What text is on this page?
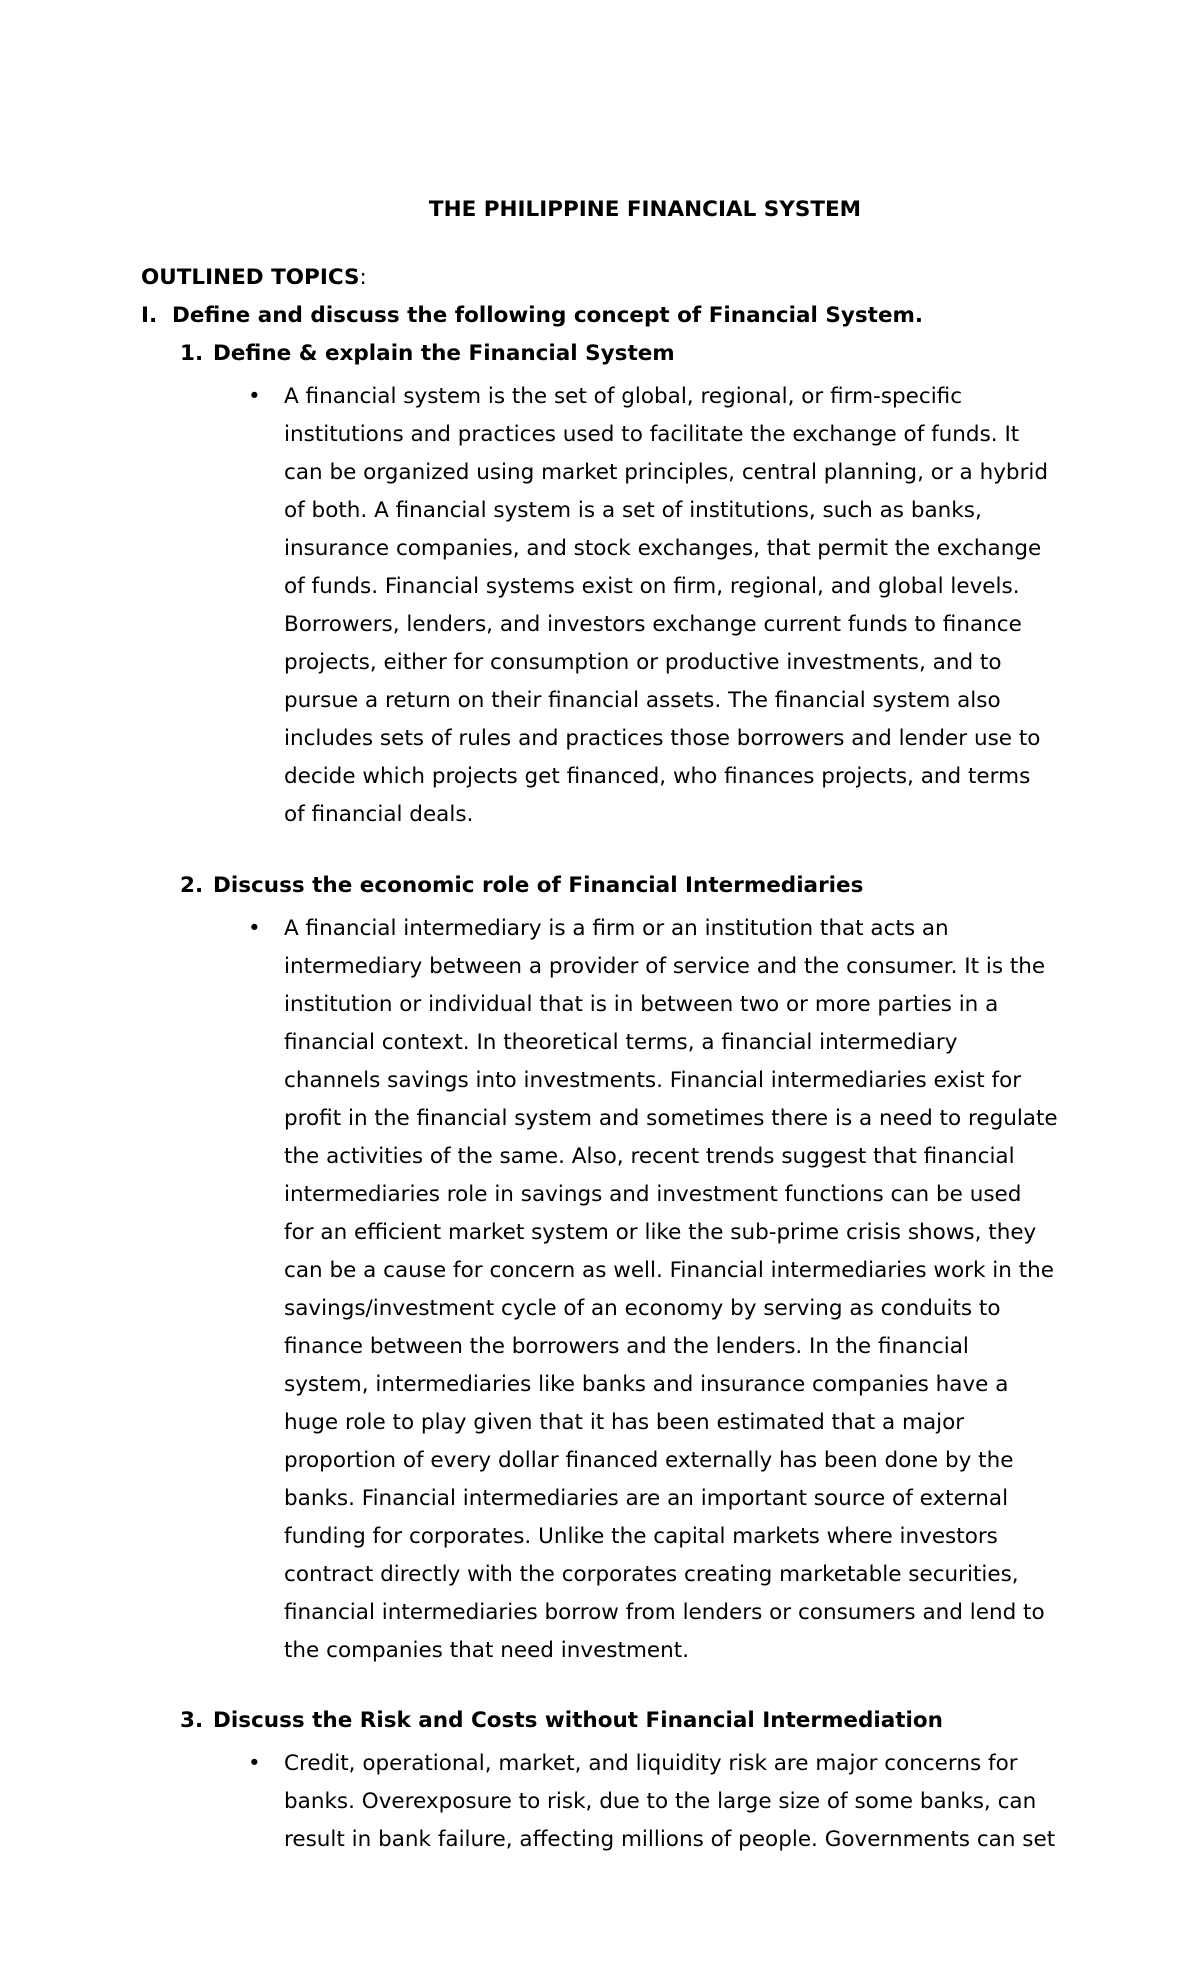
THE PHILIPPINE FINANCIAL SYSTEM
OUTLINED TOPICS:
I. Define and discuss the following concept of Financial System.
1. Define & explain the Financial System
• A financial system is the set of global, regional, or firm-specific
institutions and practices used to facilitate the exchange of funds. It
can be organized using market principles, central planning, or a hybrid
of both. A financial system is a set of institutions, such as banks,
insurance companies, and stock exchanges, that permit the exchange
of funds. Financial systems exist on firm, regional, and global levels.
Borrowers, lenders, and investors exchange current funds to finance
projects, either for consumption or productive investments, and to
pursue a return on their financial assets. The financial system also
includes sets of rules and practices those borrowers and lender use to
decide which projects get financed, who finances projects, and terms
of financial deals.
2. Discuss the economic role of Financial Intermediaries
• A financial intermediary is a firm or an institution that acts an
intermediary between a provider of service and the consumer. It is the
institution or individual that is in between two or more parties in a
financial context. In theoretical terms, a financial intermediary
channels savings into investments. Financial intermediaries exist for
profit in the financial system and sometimes there is a need to regulate
the activities of the same. Also, recent trends suggest that financial
intermediaries role in savings and investment functions can be used
for an efficient market system or like the sub-prime crisis shows, they
can be a cause for concern as well. Financial intermediaries work in the
savings/investment cycle of an economy by serving as conduits to
finance between the borrowers and the lenders. In the financial
system, intermediaries like banks and insurance companies have a
huge role to play given that it has been estimated that a major
proportion of every dollar financed externally has been done by the
banks. Financial intermediaries are an important source of external
funding for corporates. Unlike the capital markets where investors
contract directly with the corporates creating marketable securities,
financial intermediaries borrow from lenders or consumers and lend to
the companies that need investment.
3. Discuss the Risk and Costs without Financial Intermediation
• Credit, operational, market, and liquidity risk are major concerns for
banks. Overexposure to risk, due to the large size of some banks, can
result in bank failure, affecting millions of people. Governments can set
